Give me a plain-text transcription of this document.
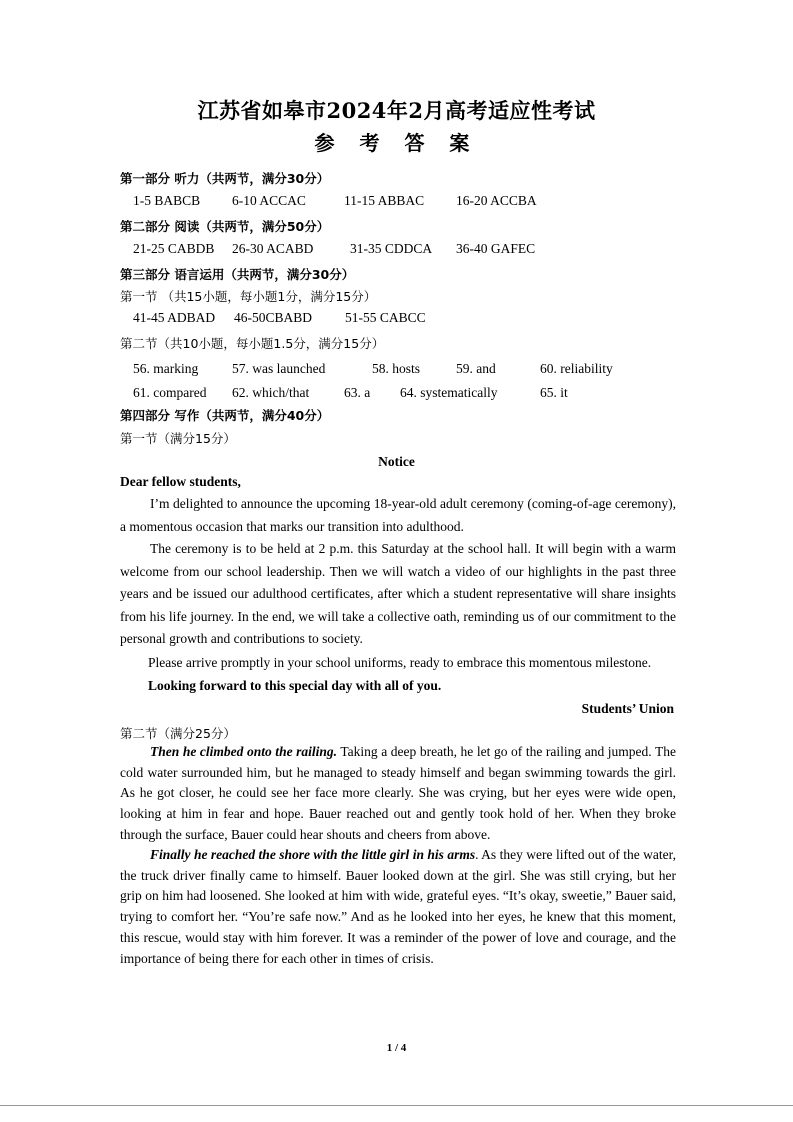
江苏省如皋市2024年2月高考适应性考试
参 考 答 案
第一部分 听力（共两节，满分30分）
1-5 BABCB 6-10 ACCAC	11-15 ABBAC 16-20 ACCBA
第二部分 阅读（共两节，满分50分）
21-25 CABDB 26-30 ACABD	31-35 CDDCA 36-40 GAFEC
第三部分 语言运用（共两节，满分30分）
第一节 （共15小题，每小题1分，满分15分）
41-45 ADBAD 46-50CBABD 51-55 CABCC
第二节（共10小题，每小题1.5分，满分15分）
56. marking	57. was launched	58. hosts	59. and	60. reliability
61. compared 62. which/that	63. a 64. systematically	65. it
第四部分 写作（共两节，满分40分）
第一节（满分15分）
Notice
Dear fellow students,

I’m delighted to announce the upcoming 18-year-old adult ceremony (coming-of-age ceremony), a momentous occasion that marks our transition into adulthood.

The ceremony is to be held at 2 p.m. this Saturday at the school hall. It will begin with a warm welcome from our school leadership. Then we will watch a video of our highlights in the past three years and be issued our adulthood certificates, after which a student representative will share insights from his life journey. In the end, we will take a collective oath, reminding us of our commitment to the personal growth and contributions to society.

Please arrive promptly in your school uniforms, ready to embrace this momentous milestone.

Looking forward to this special day with all of you.

Students’ Union
第二节（满分25分）

Then he climbed onto the railing. Taking a deep breath, he let go of the railing and jumped. The cold water surrounded him, but he managed to steady himself and began swimming towards the girl. As he got closer, he could see her face more clearly. She was crying, but her eyes were wide open, looking at him in fear and hope. Bauer reached out and gently took hold of her. When they broke through the surface, Bauer could hear shouts and cheers from above.

Finally he reached the shore with the little girl in his arms. As they were lifted out of the water, the truck driver finally came to himself. Bauer looked down at the girl. She was still crying, but her grip on him had loosened. She looked at him with wide, grateful eyes. “It’s okay, sweetie,” Bauer said, trying to comfort her. “You’re safe now.” And as he looked into her eyes, he knew that this moment, this rescue, would stay with him forever. It was a reminder of the power of love and courage, and the importance of being there for each other in times of crisis.

1 / 4
